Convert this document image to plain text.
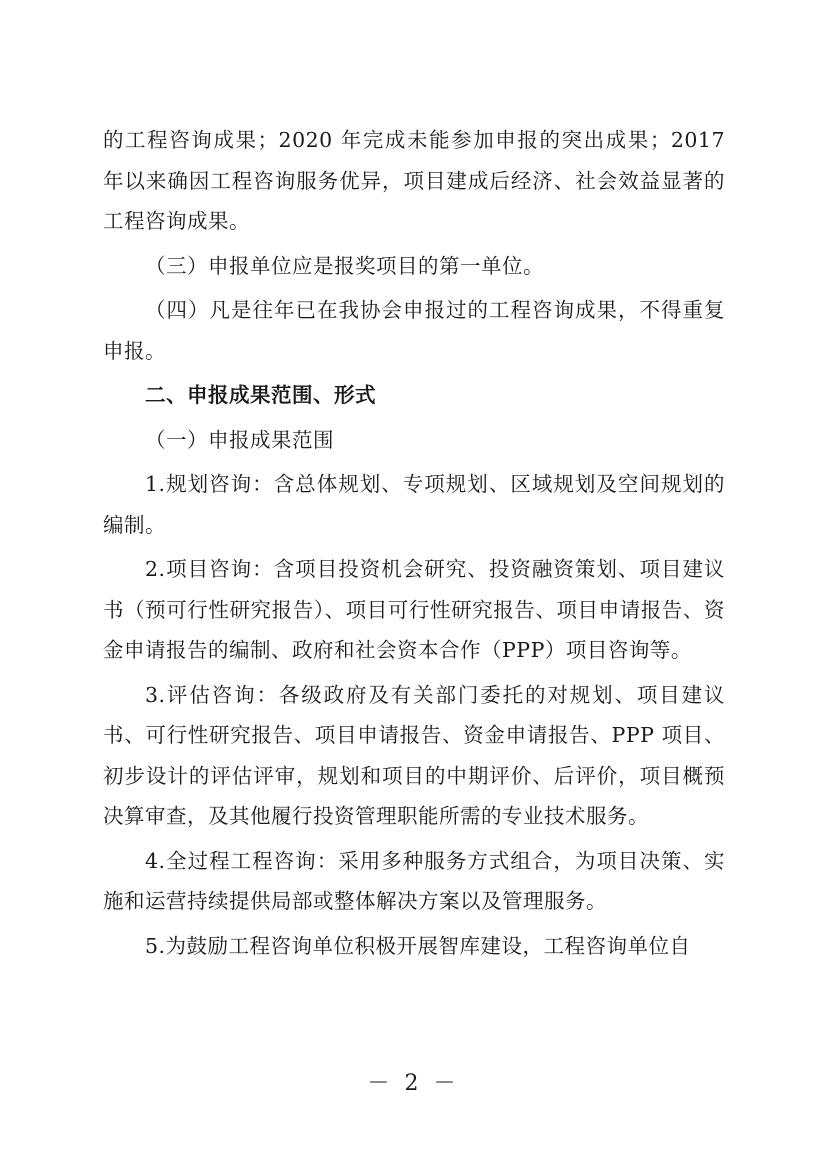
的工程咨询成果；2020 年完成未能参加申报的突出成果；2017 年以来确因工程咨询服务优异，项目建成后经济、社会效益显著的工程咨询成果。

（三）申报单位应是报奖项目的第一单位。

（四）凡是往年已在我协会申报过的工程咨询成果，不得重复申报。

二、申报成果范围、形式

（一）申报成果范围

1.规划咨询：含总体规划、专项规划、区域规划及空间规划的编制。

2.项目咨询：含项目投资机会研究、投资融资策划、项目建议书（预可行性研究报告）、项目可行性研究报告、项目申请报告、资金申请报告的编制、政府和社会资本合作（PPP）项目咨询等。

3.评估咨询：各级政府及有关部门委托的对规划、项目建议书、可行性研究报告、项目申请报告、资金申请报告、PPP 项目、初步设计的评估评审，规划和项目的中期评价、后评价，项目概预决算审查，及其他履行投资管理职能所需的专业技术服务。

4.全过程工程咨询：采用多种服务方式组合，为项目决策、实施和运营持续提供局部或整体解决方案以及管理服务。

5.为鼓励工程咨询单位积极开展智库建设，工程咨询单位自

－ 2 －
